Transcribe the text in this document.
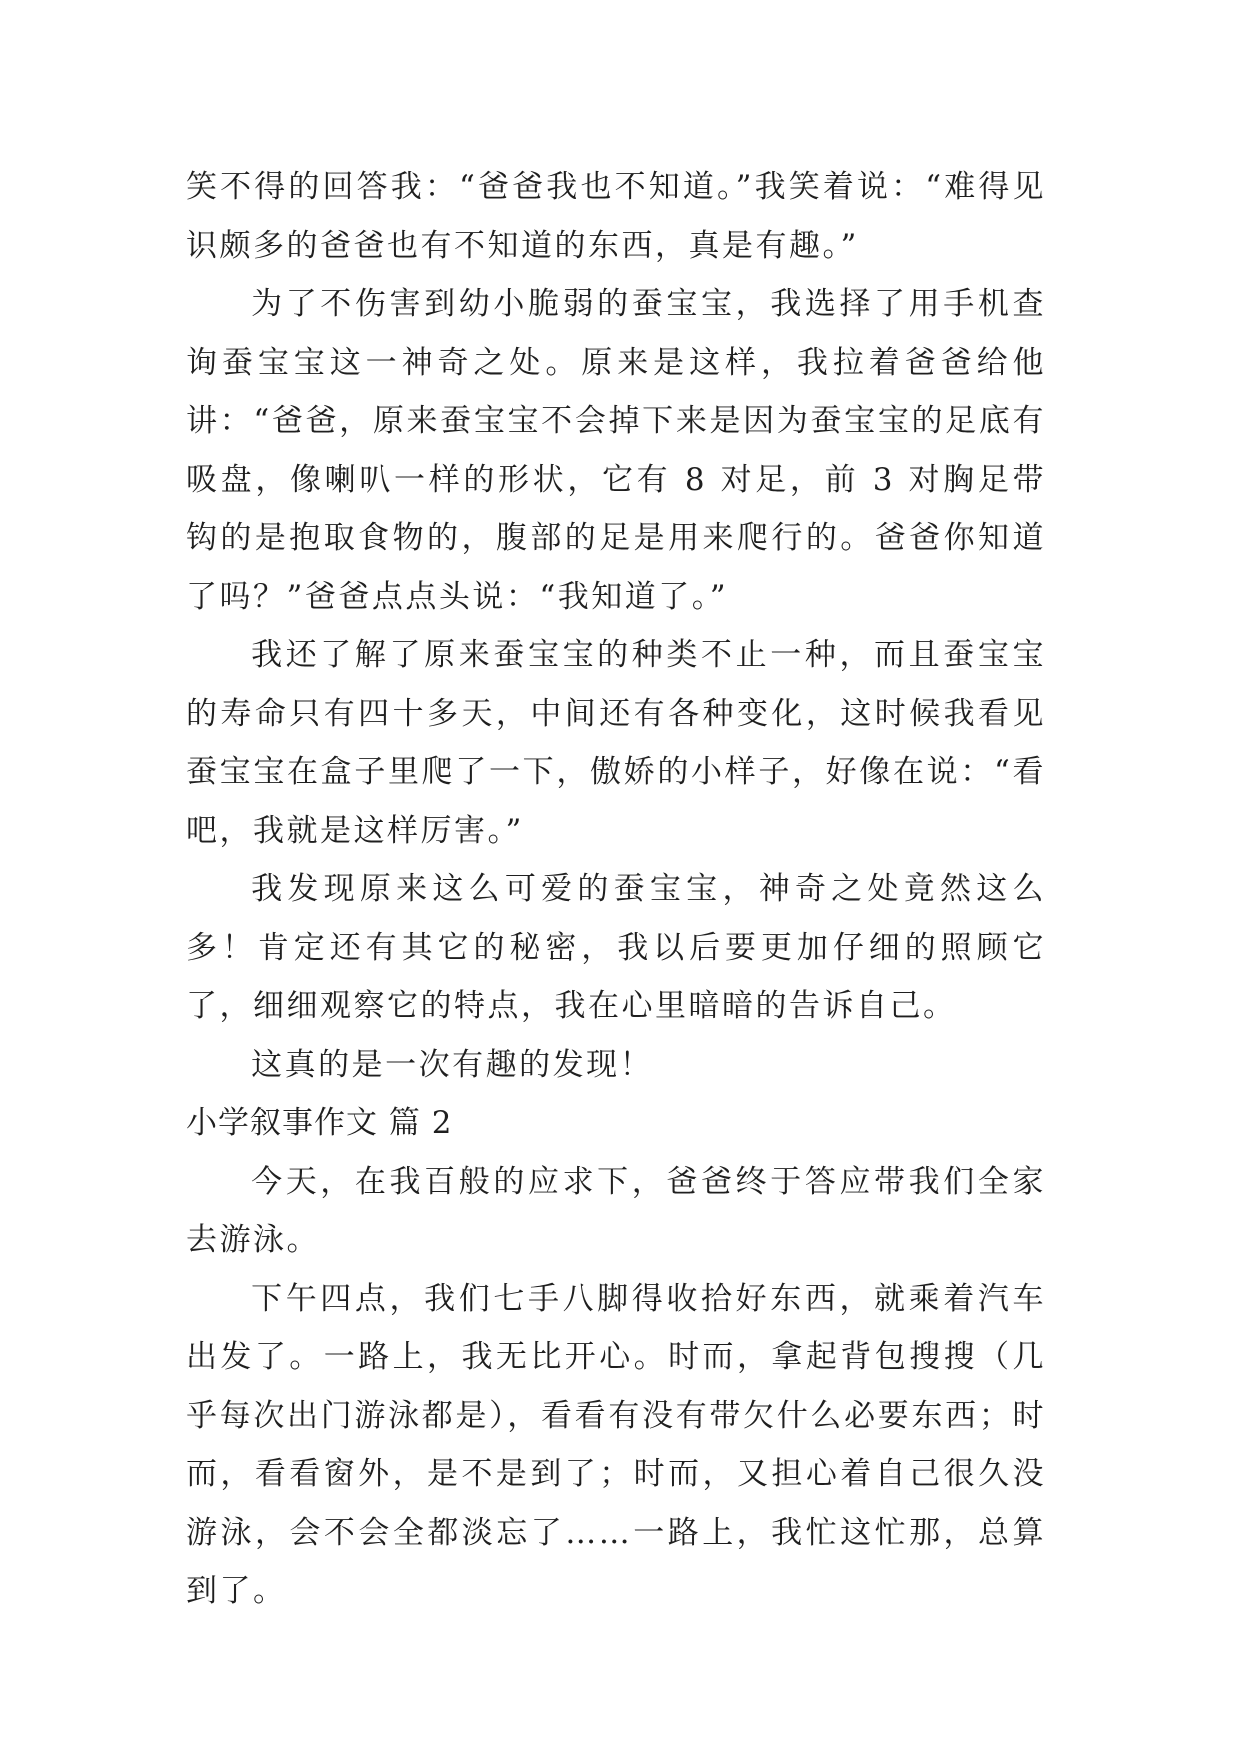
笑不得的回答我：“爸爸我也不知道。”我笑着说：“难得见识颇多的爸爸也有不知道的东西，真是有趣。”

为了不伤害到幼小脆弱的蚕宝宝，我选择了用手机查询蚕宝宝这一神奇之处。原来是这样，我拉着爸爸给他讲：“爸爸，原来蚕宝宝不会掉下来是因为蚕宝宝的足底有吸盘，像喇叭一样的形状，它有 8 对足，前 3 对胸足带钩的是抱取食物的，腹部的足是用来爬行的。爸爸你知道了吗？”爸爸点点头说：“我知道了。”

我还了解了原来蚕宝宝的种类不止一种，而且蚕宝宝的寿命只有四十多天，中间还有各种变化，这时候我看见蚕宝宝在盒子里爬了一下，傲娇的小样子，好像在说：“看吧，我就是这样厉害。”

我发现原来这么可爱的蚕宝宝，神奇之处竟然这么多！肯定还有其它的秘密，我以后要更加仔细的照顾它了，细细观察它的特点，我在心里暗暗的告诉自己。

这真的是一次有趣的发现！

小学叙事作文 篇 2

今天，在我百般的应求下，爸爸终于答应带我们全家去游泳。

下午四点，我们七手八脚得收拾好东西，就乘着汽车出发了。一路上，我无比开心。时而，拿起背包搜搜（几乎每次出门游泳都是），看看有没有带欠什么必要东西；时而，看看窗外，是不是到了；时而，又担心着自己很久没游泳，会不会全都淡忘了……一路上，我忙这忙那，总算到了。
